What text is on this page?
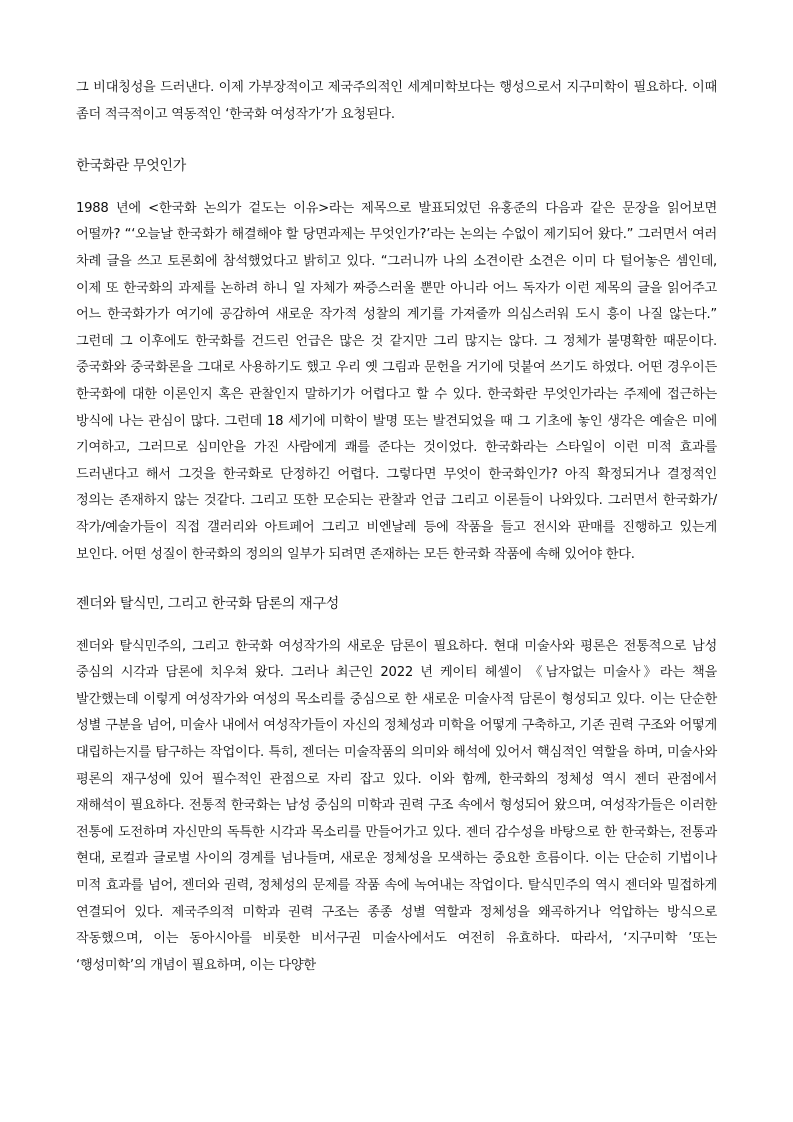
그 비대칭성을 드러낸다. 이제 가부장적이고 제국주의적인 세계미학보다는 행성으로서 지구미학이 필요하다. 이때 좀더 적극적이고 역동적인 ‘한국화 여성작가’가 요청된다.

한국화란 무엇인가

1988 년에 <한국화 논의가 겉도는 이유>라는 제목으로 발표되었던 유홍준의 다음과 같은 문장을 읽어보면 어떨까? “‘오늘날 한국화가 해결해야 할 당면과제는 무엇인가?’라는 논의는 수없이 제기되어 왔다.” 그러면서 여러 차례 글을 쓰고 토론회에 참석했었다고 밝히고 있다. “그러니까 나의 소견이란 소견은 이미 다 털어놓은 셈인데, 이제 또 한국화의 과제를 논하려 하니 일 자체가 짜증스러울 뿐만 아니라 어느 독자가 이런 제목의 글을 읽어주고 어느 한국화가가 여기에 공감하여 새로운 작가적 성찰의 계기를 가져줄까 의심스러워 도시 흥이 나질 않는다.” 그런데 그 이후에도 한국화를 건드린 언급은 많은 것 같지만 그리 많지는 않다. 그 정체가 불명확한 때문이다. 중국화와 중국화론을 그대로 사용하기도 했고 우리 옛 그림과 문헌을 거기에 덧붙여 쓰기도 하였다. 어떤 경우이든 한국화에 대한 이론인지 혹은 관찰인지 말하기가 어렵다고 할 수 있다. 한국화란 무엇인가라는 주제에 접근하는 방식에 나는 관심이 많다. 그런데 18 세기에 미학이 발명 또는 발견되었을 때 그 기초에 놓인 생각은 예술은 미에 기여하고, 그러므로 심미안을 가진 사람에게 쾌를 준다는 것이었다. 한국화라는 스타일이 이런 미적 효과를 드러낸다고 해서 그것을 한국화로 단정하긴 어렵다. 그렇다면 무엇이 한국화인가? 아직 확정되거나 결정적인 정의는 존재하지 않는 것같다. 그리고 또한 모순되는 관찰과 언급 그리고 이론들이 나와있다. 그러면서 한국화가/작가/예술가들이 직접 갤러리와 아트페어 그리고 비엔날레 등에 작품을 들고 전시와 판매를 진행하고 있는게 보인다. 어떤 성질이 한국화의 정의의 일부가 되려면 존재하는 모든 한국화 작품에 속해 있어야 한다.

젠더와 탈식민, 그리고 한국화 담론의 재구성

젠더와 탈식민주의, 그리고 한국화 여성작가의 새로운 담론이 필요하다. 현대 미술사와 평론은 전통적으로 남성 중심의 시각과 담론에 치우쳐 왔다. 그러나 최근인 2022 년 케이티 헤셀이 《남자없는 미술사》라는 책을 발간했는데 이렇게 여성작가와 여성의 목소리를 중심으로 한 새로운 미술사적 담론이 형성되고 있다. 이는 단순한 성별 구분을 넘어, 미술사 내에서 여성작가들이 자신의 정체성과 미학을 어떻게 구축하고, 기존 권력 구조와 어떻게 대립하는지를 탐구하는 작업이다. 특히, 젠더는 미술작품의 의미와 해석에 있어서 핵심적인 역할을 하며, 미술사와 평론의 재구성에 있어 필수적인 관점으로 자리 잡고 있다. 이와 함께, 한국화의 정체성 역시 젠더 관점에서 재해석이 필요하다. 전통적 한국화는 남성 중심의 미학과 권력 구조 속에서 형성되어 왔으며, 여성작가들은 이러한 전통에 도전하며 자신만의 독특한 시각과 목소리를 만들어가고 있다. 젠더 감수성을 바탕으로 한 한국화는, 전통과 현대, 로컬과 글로벌 사이의 경계를 넘나들며, 새로운 정체성을 모색하는 중요한 흐름이다. 이는 단순히 기법이나 미적 효과를 넘어, 젠더와 권력, 정체성의 문제를 작품 속에 녹여내는 작업이다. 탈식민주의 역시 젠더와 밀접하게 연결되어 있다. 제국주의적 미학과 권력 구조는 종종 성별 역할과 정체성을 왜곡하거나 억압하는 방식으로 작동했으며, 이는 동아시아를 비롯한 비서구권 미술사에서도 여전히 유효하다. 따라서, ‘지구미학 ’또는 ‘행성미학’의 개념이 필요하며, 이는 다양한
